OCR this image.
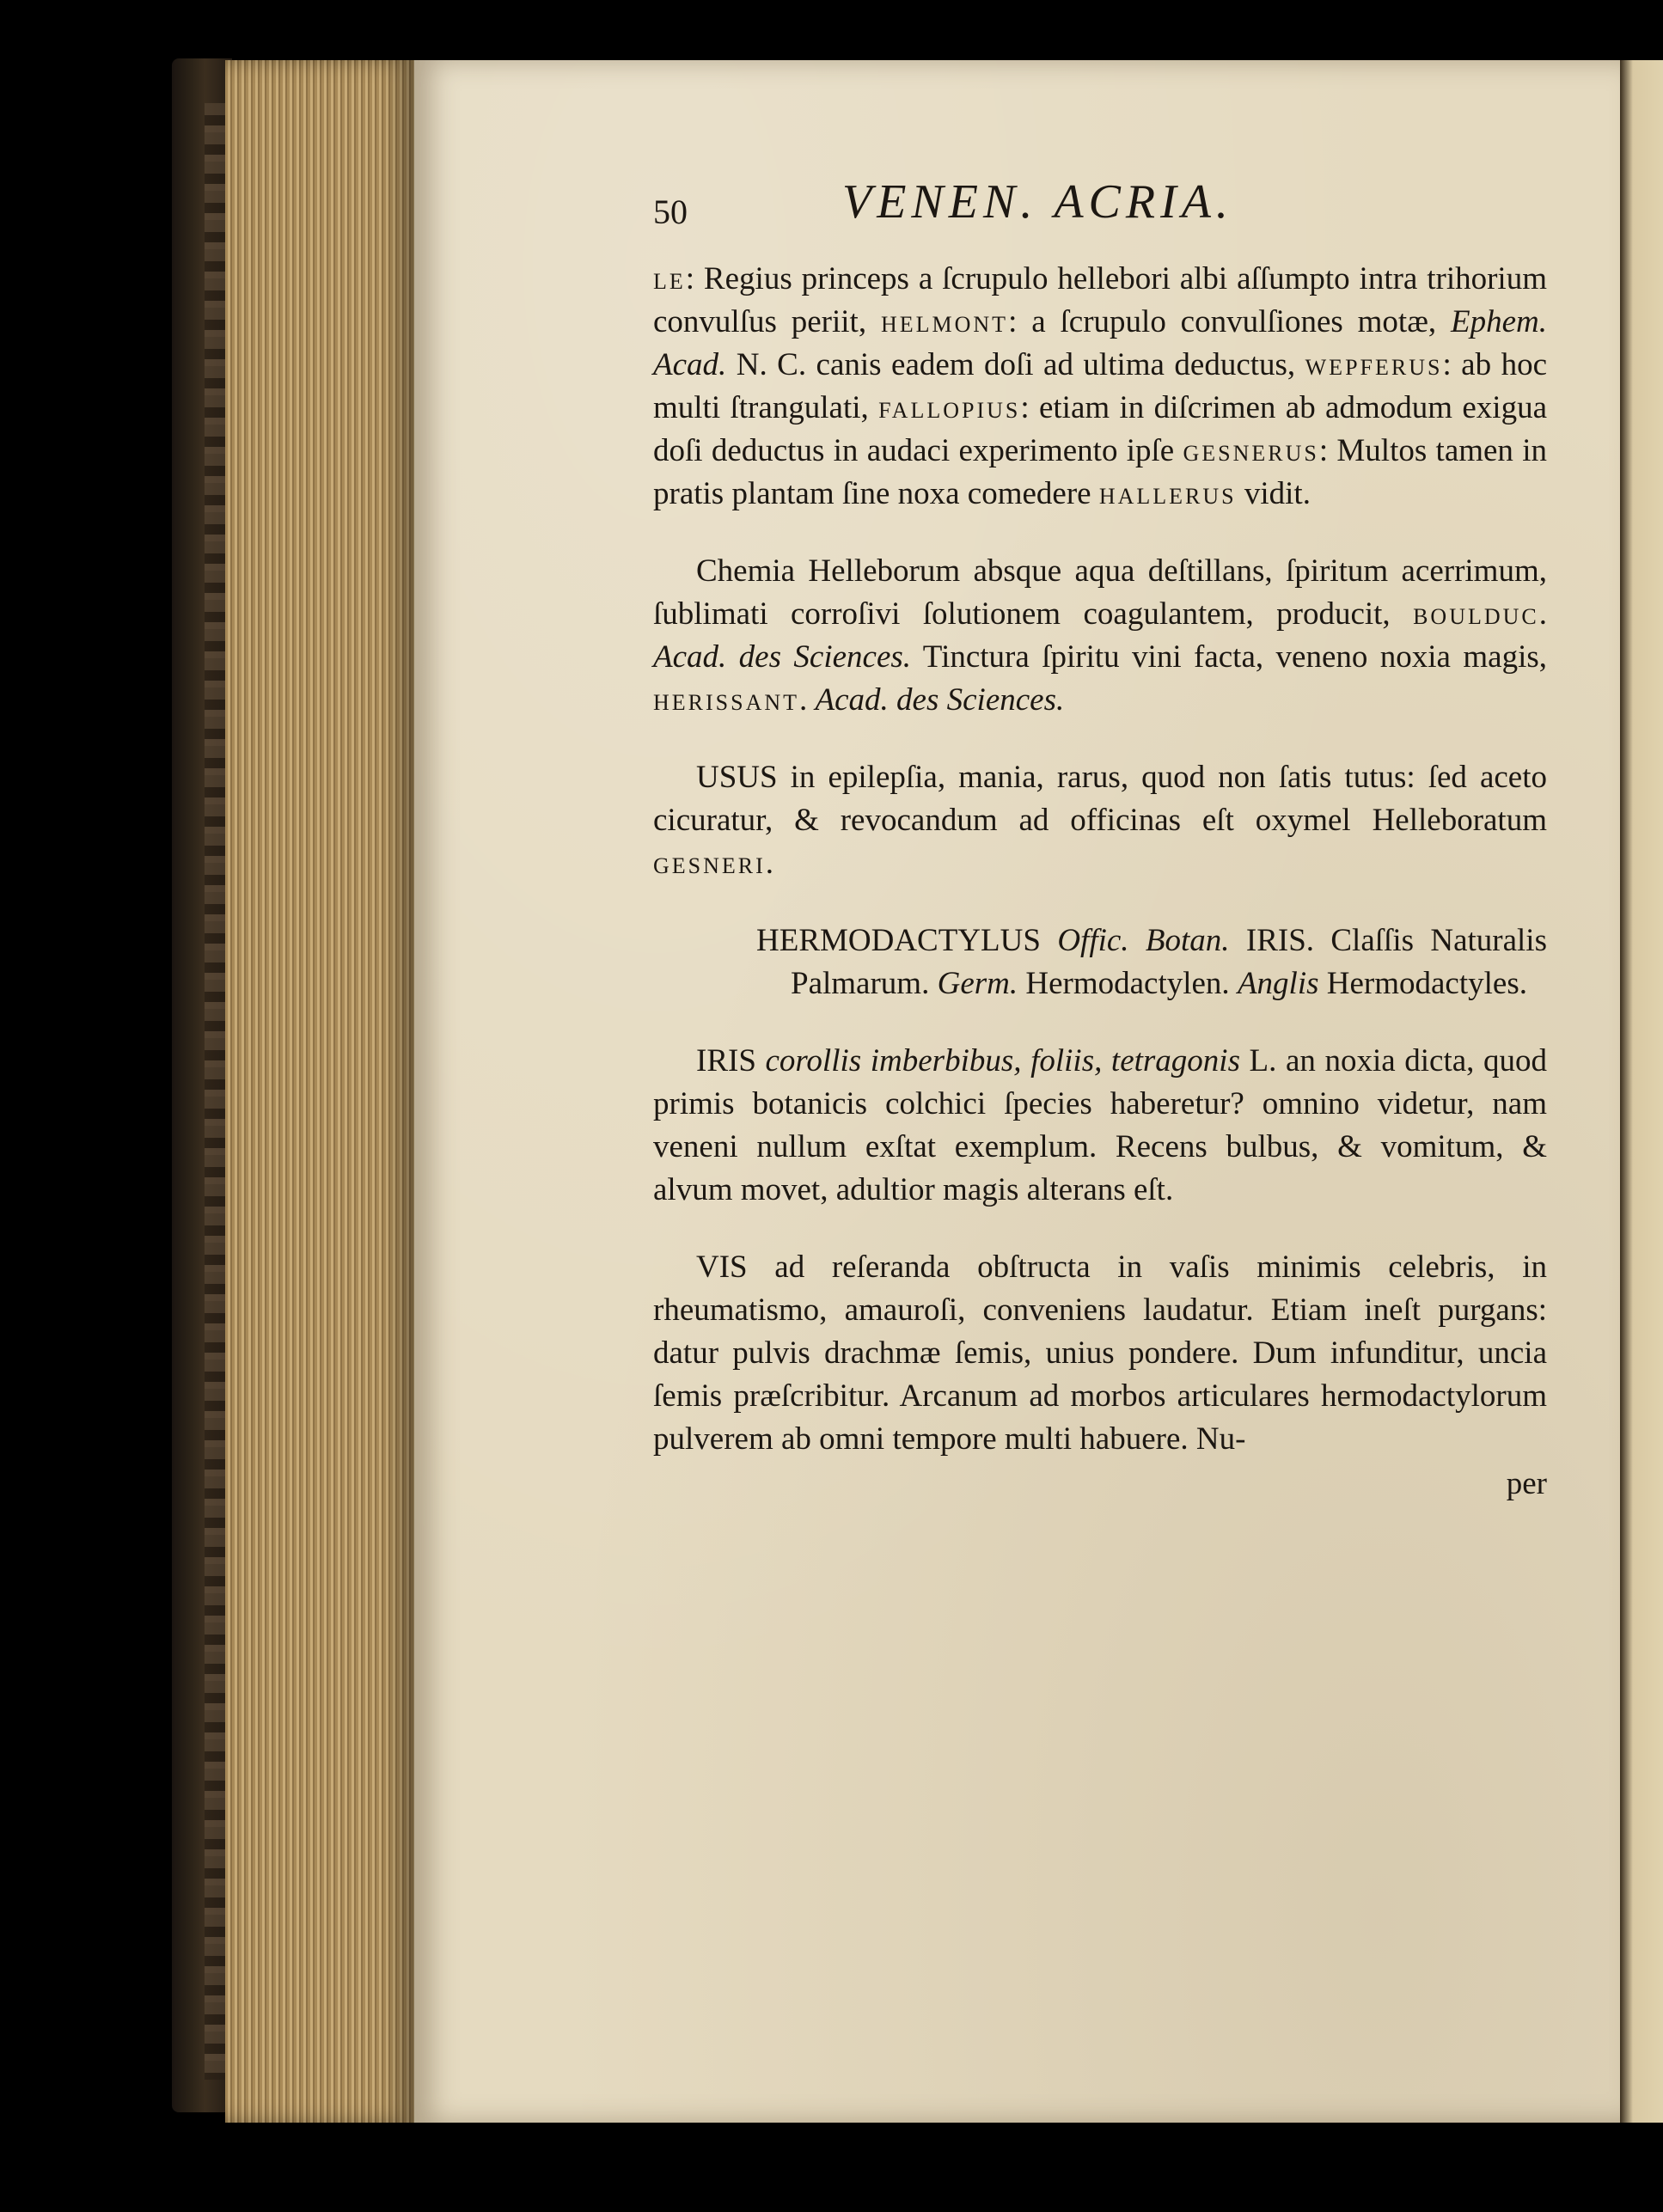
50	VENEN. ACRIA.

le: Regius princeps a ſcrupulo hellebori albi aſſumpto intra trihorium convulſus periit, helmont: a ſcrupulo convulſiones motæ, Ephem. Acad. N. C. canis eadem doſi ad ultima deductus, wepferus: ab hoc multi ſtrangulati, fallopius: etiam in diſcrimen ab admodum exigua doſi deductus in audaci experimento ipſe gesnerus: Multos tamen in pratis plantam ſine noxa comedere hallerus vidit.

Chemia Helleborum absque aqua deſtillans, ſpiritum acerrimum, ſublimati corroſivi ſolutionem coagulantem, producit, boulduc. Acad. des Sciences. Tinctura ſpiritu vini facta, veneno noxia magis, herissant. Acad. des Sciences.

USUS in epilepſia, mania, rarus, quod non ſatis tutus: ſed aceto cicuratur, & revocandum ad officinas eſt oxymel Helleboratum gesneri.

HERMODACTYLUS Offic. Botan. IRIS. Claſſis Naturalis Palmarum. Germ. Hermodactylen. Anglis Hermodactyles.

IRIS corollis imberbibus, foliis, tetragonis L. an noxia dicta, quod primis botanicis colchici ſpecies haberetur? omnino videtur, nam veneni nullum exſtat exemplum. Recens bulbus, & vomitum, & alvum movet, adultior magis alterans eſt.

VIS ad reſeranda obſtructa in vaſis minimis celebris, in rheumatismo, amauroſi, conveniens laudatur. Etiam ineſt purgans: datur pulvis drachmæ ſemis, unius pondere. Dum infunditur, uncia ſemis præſcribitur. Arcanum ad morbos articulares hermodactylorum pulverem ab omni tempore multi habuere. Nu-

per
